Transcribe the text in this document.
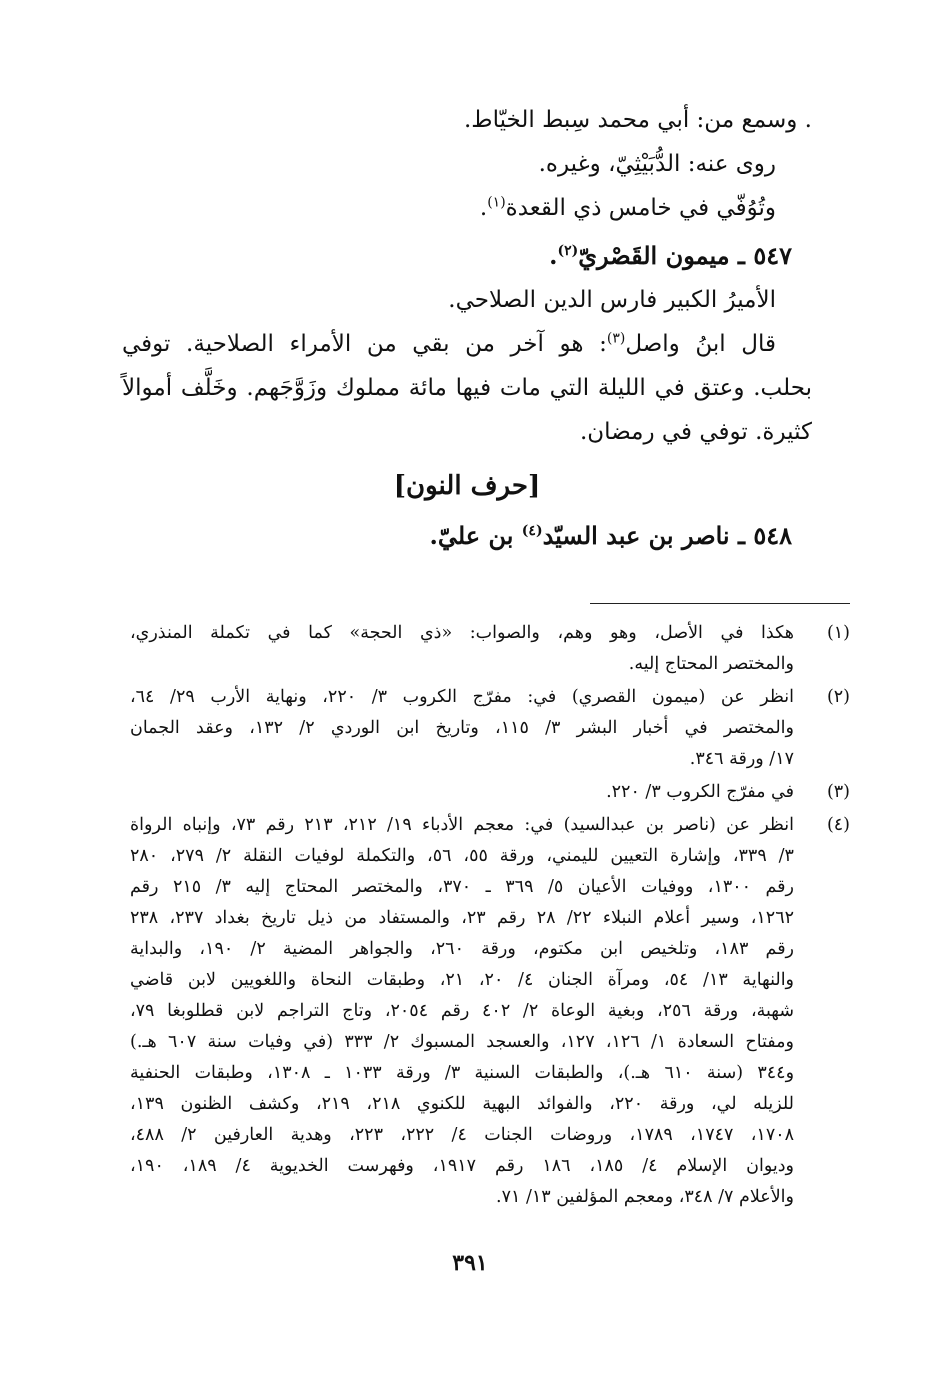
. وسمع من: أبي محمد سِبط الخيّاط.
روى عنه: الدُّبَيْثِيّ، وغيره.
وتُوُفّي في خامس ذي القعدة$^{(١)}$.
٥٤٧ ـ ميمون القَصْريّ$^{(٢)}$.
الأميرُ الكبير فارس الدين الصلاحي.
قال ابنُ واصل$^{(٣)}$: هو آخر من بقي من الأمراء الصلاحية. توفي
بحلب. وعتق في الليلة التي مات فيها مائة مملوك وزَوَّجَهم. وخَلَّف أموالاً
كثيرة. توفي في رمضان.
[حرف النون]
٥٤٨ ـ ناصر بن عبد السيّد$^{(٤)}$ بن عليّ.
(١)
هكذا في الأصل، وهو وهم، والصواب: «ذي الحجة» كما في تكملة المنذري،
والمختصر المحتاج إليه.
(٢)
انظر عن (ميمون القصري) في: مفرّج الكروب ٣/ ٢٢٠، ونهاية الأرب ٢٩/ ٦٤،
والمختصر في أخبار البشر ٣/ ١١٥، وتاريخ ابن الوردي ٢/ ١٣٢، وعقد الجمان
١٧/ ورقة ٣٤٦.
(٣)
في مفرّج الكروب ٣/ ٢٢٠.
(٤)
انظر عن (ناصر بن عبدالسيد) في: معجم الأدباء ١٩/ ٢١٢، ٢١٣ رقم ٧٣، وإنباه الرواة
٣/ ٣٣٩، وإشارة التعيين لليمني، ورقة ٥٥، ٥٦، والتكملة لوفيات النقلة ٢/ ٢٧٩، ٢٨٠
رقم ١٣٠٠، ووفيات الأعيان ٥/ ٣٦٩ ـ ٣٧٠، والمختصر المحتاج إليه ٣/ ٢١٥ رقم
١٢٦٢، وسير أعلام النبلاء ٢٢/ ٢٨ رقم ٢٣، والمستفاد من ذيل تاريخ بغداد ٢٣٧، ٢٣٨
رقم ١٨٣، وتلخيص ابن مكتوم، ورقة ٢٦٠، والجواهر المضية ٢/ ١٩٠، والبداية
والنهاية ١٣/ ٥٤، ومرآة الجنان ٤/ ٢٠، ٢١، وطبقات النحاة واللغويين لابن قاضي
شهبة، ورقة ٢٥٦، وبغية الوعاة ٢/ ٤٠٢ رقم ٢٠٥٤، وتاج التراجم لابن قطلوبغا ٧٩،
ومفتاح السعادة ١/ ١٢٦، ١٢٧، والعسجد المسبوك ٢/ ٣٣٣ (في وفيات سنة ٦٠٧ هـ.)
و٣٤٤ (سنة ٦١٠ هـ.)، والطبقات السنية ٣/ ورقة ١٠٣٣ ـ ١٣٠٨، وطبقات الحنفية
للزيله لي، ورقة ٢٢٠، والفوائد البهية للكنوي ٢١٨، ٢١٩، وكشف الظنون ١٣٩،
١٧٠٨، ١٧٤٧، ١٧٨٩، وروضات الجنات ٤/ ٢٢٢، ٢٢٣، وهدية العارفين ٢/ ٤٨٨،
وديوان الإسلام ٤/ ١٨٥، ١٨٦ رقم ١٩١٧، وفهرست الخديوية ٤/ ١٨٩، ١٩٠،
والأعلام ٧/ ٣٤٨، ومعجم المؤلفين ١٣/ ٧١.
٣٩١
